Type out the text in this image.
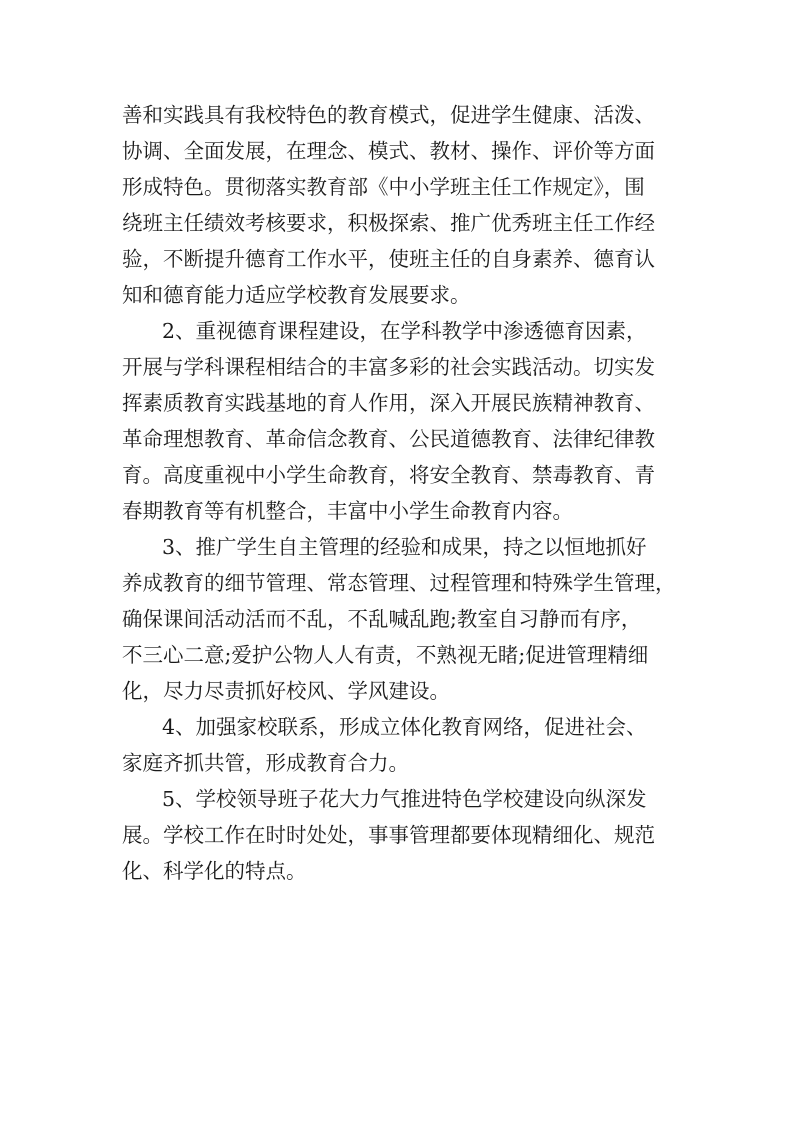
善和实践具有我校特色的教育模式，促进学生健康、活泼、
协调、全面发展，在理念、模式、教材、操作、评价等方面
形成特色。贯彻落实教育部《中小学班主任工作规定》，围
绕班主任绩效考核要求，积极探索、推广优秀班主任工作经
验，不断提升德育工作水平，使班主任的自身素养、德育认
知和德育能力适应学校教育发展要求。
2、重视德育课程建设，在学科教学中渗透德育因素，
开展与学科课程相结合的丰富多彩的社会实践活动。切实发
挥素质教育实践基地的育人作用，深入开展民族精神教育、
革命理想教育、革命信念教育、公民道德教育、法律纪律教
育。高度重视中小学生命教育，将安全教育、禁毒教育、青
春期教育等有机整合，丰富中小学生命教育内容。
3、推广学生自主管理的经验和成果，持之以恒地抓好
养成教育的细节管理、常态管理、过程管理和特殊学生管理，
确保课间活动活而不乱，不乱喊乱跑;教室自习静而有序，
不三心二意;爱护公物人人有责，不熟视无睹;促进管理精细
化，尽力尽责抓好校风、学风建设。
4、加强家校联系，形成立体化教育网络，促进社会、
家庭齐抓共管，形成教育合力。
5、学校领导班子花大力气推进特色学校建设向纵深发
展。学校工作在时时处处，事事管理都要体现精细化、规范
化、科学化的特点。
